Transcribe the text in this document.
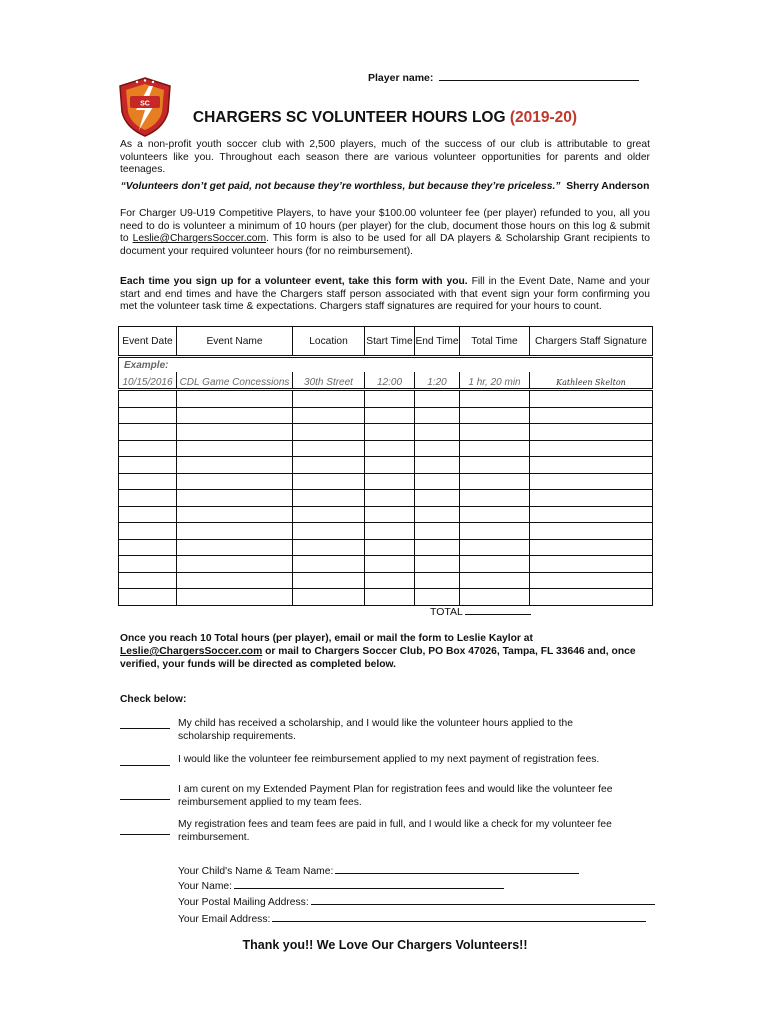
Player name:
SC
CHARGERS SC VOLUNTEER HOURS LOG (2019-20)
As a non-profit youth soccer club with 2,500 players, much of the success of our club is attributable to great volunteers like you. Throughout each season there are various volunteer opportunities for parents and older teenages.
“Volunteers don’t get paid, not because they’re worthless, but because they’re priceless.” Sherry Anderson
For Charger U9-U19 Competitive Players, to have your $100.00 volunteer fee (per player) refunded to you, all you need to do is volunteer a minimum of 10 hours (per player) for the club, document those hours on this log & submit to Leslie@ChargersSoccer.com. This form is also to be used for all DA players & Scholarship Grant recipients to document your required volunteer hours (for no reimbursement).
Each time you sign up for a volunteer event, take this form with you. Fill in the Event Date, Name and your start and end times and have the Chargers staff person associated with that event sign your form confirming you met the volunteer task time & expectations. Chargers staff signatures are required for your hours to count.
Event Date	Event Name	Location	Start Time	End Time	Total Time	Chargers Staff Signature
Example:						
10/15/2016	CDL Game Concessions	30th Street	12:00	1:20	1 hr, 20 min	Kathleen Skelton

TOTAL
Once you reach 10 Total hours (per player), email or mail the form to Leslie Kaylor at Leslie@ChargersSoccer.com or mail to Chargers Soccer Club, PO Box 47026, Tampa, FL 33646 and, once verified, your funds will be directed as completed below.
Check below:
My child has received a scholarship, and I would like the volunteer hours applied to the scholarship requirements.
I would like the volunteer fee reimbursement applied to my next payment of registration fees.
I am curent on my Extended Payment Plan for registration fees and would like the volunteer fee reimbursement applied to my team fees.
My registration fees and team fees are paid in full, and I would like a check for my volunteer fee reimbursement.
Your Child's Name & Team Name:
Your Name:
Your Postal Mailing Address:
Your Email Address:
Thank you!! We Love Our Chargers Volunteers!!
